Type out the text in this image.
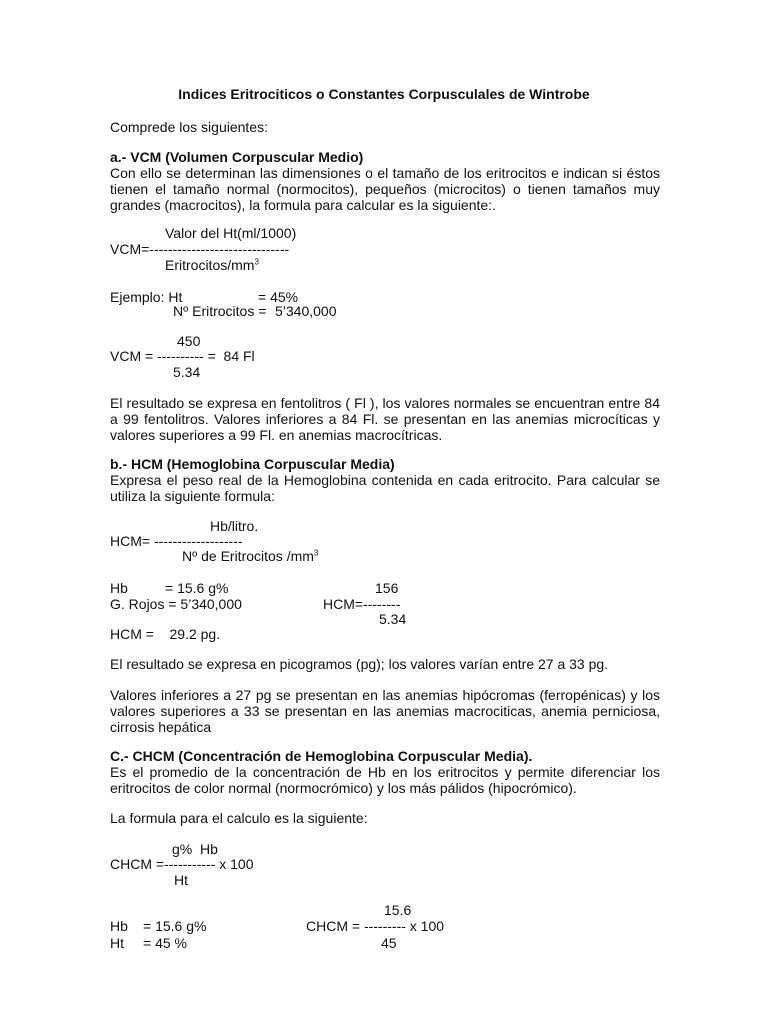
Indices Eritrociticos o Constantes Corpusculales de Wintrobe
Comprede los siguientes:
a.- VCM (Volumen Corpuscular Medio)
Con ello se determinan las dimensiones o el tamaño de los eritrocitos e indican si éstos tienen el tamaño normal (normocitos), pequeños (microcitos) o tienen tamaños muy grandes (macrocitos), la formula para calcular es la siguiente:.
Valor del Ht(ml/1000)
VCM=------------------------------
Eritrocitos/$mm^3$
Ejemplo: Ht	= 45%
Nº Eritrocitos = 5’340,000
450
VCM = ---------- =  84 Fl
5.34
El resultado se expresa en fentolitros ( Fl ), los valores normales se encuentran entre 84 a 99 fentolitros. Valores inferiores a 84 Fl. se presentan en las anemias microcíticas y valores superiores a 99 Fl. en anemias macrocítricas.
b.- HCM (Hemoglobina Corpuscular Media)
Expresa el peso real de la Hemoglobina contenida en cada eritrocito. Para calcular se utiliza la siguiente formula:
Hb/litro.
HCM= -------------------
Nº de Eritrocitos $/mm^3$
Hb	= 15.6 g%	156
G. Rojos = 5’340,000	HCM=--------
5.34
HCM =    29.2 pg.
El resultado se expresa en picogramos (pg); los valores varían entre 27 a 33 pg.
Valores inferiores a 27 pg se presentan en las anemias hipócromas (ferropénicas) y los valores superiores a 33 se presentan en las anemias macrociticas, anemia perniciosa, cirrosis hepática
C.- CHCM (Concentración de Hemoglobina Corpuscular Media).
Es el promedio de la concentración de Hb en los eritrocitos y permite diferenciar los eritrocitos de color normal (normocrómico) y los más pálidos (hipocrómico).
La formula para el calculo es la siguiente:
g%  Hb
CHCM =----------- x 100
Ht
15.6
Hb = 15.6 g%	CHCM = --------- x 100
Ht = 45 %	45
